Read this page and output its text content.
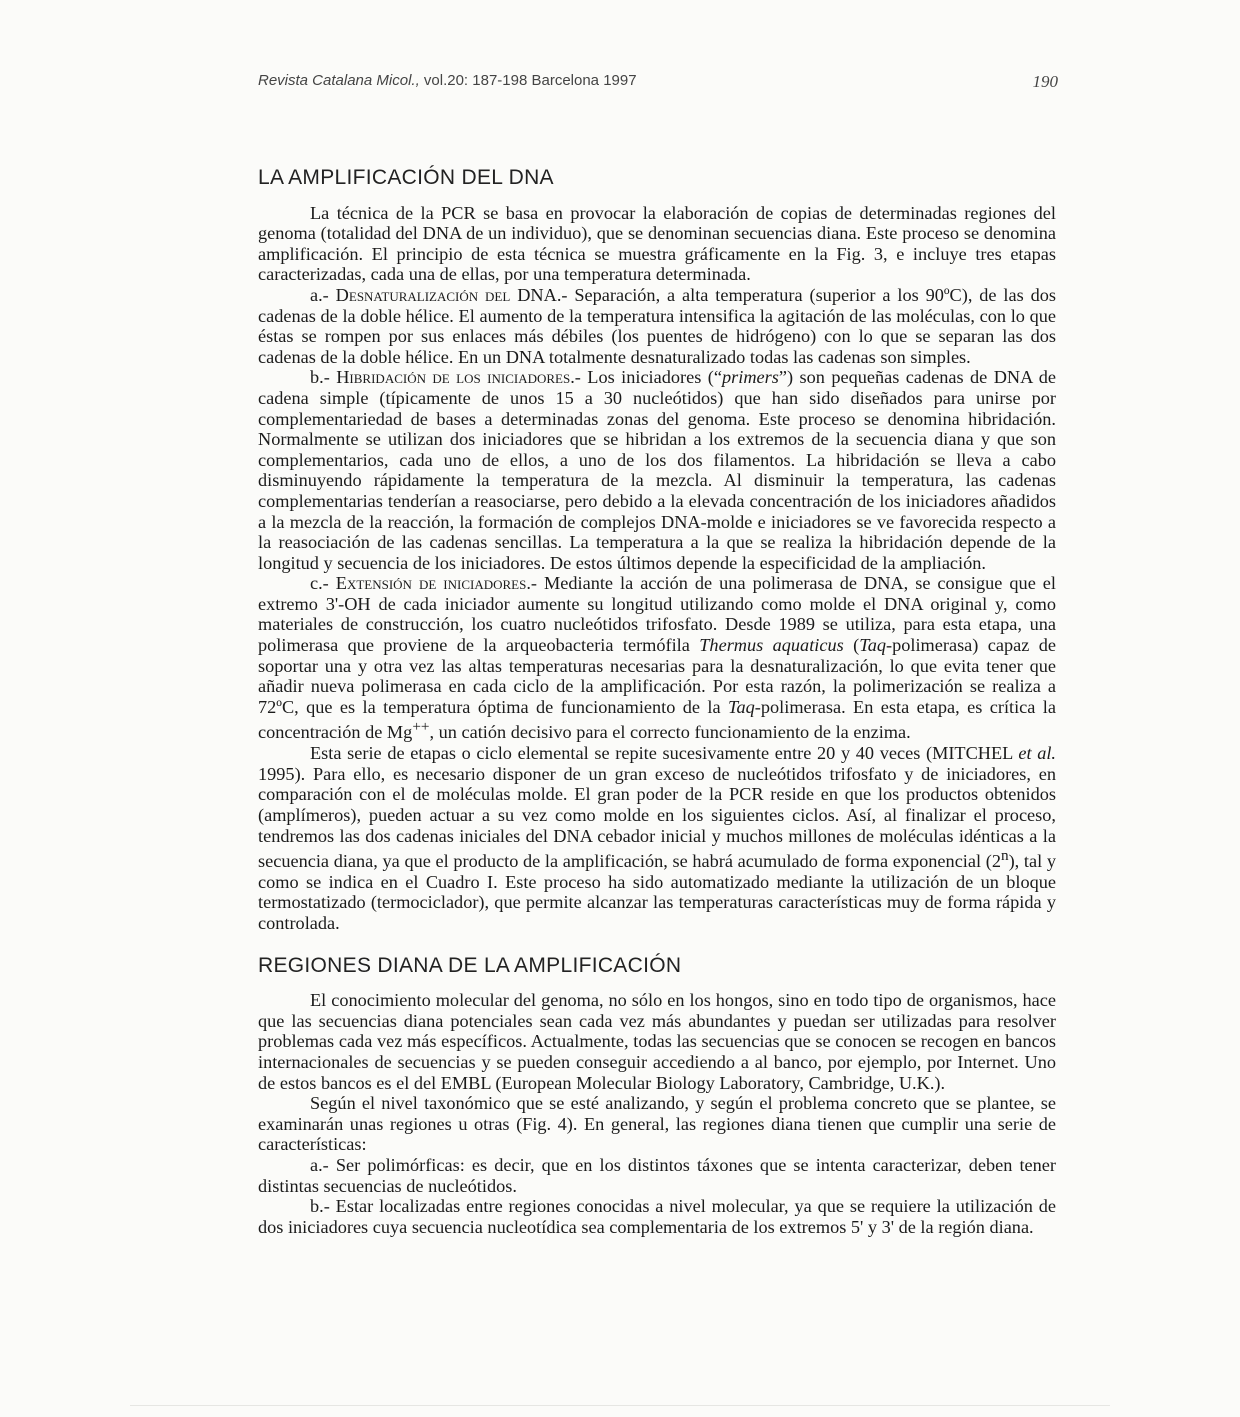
Revista Catalana Micol., vol.20: 187-198 Barcelona 1997	190
LA AMPLIFICACIÓN DEL DNA

La técnica de la PCR se basa en provocar la elaboración de copias de determinadas regiones del genoma (totalidad del DNA de un individuo), que se denominan secuencias diana. Este proceso se denomina amplificación. El principio de esta técnica se muestra gráficamente en la Fig. 3, e incluye tres etapas caracterizadas, cada una de ellas, por una temperatura determinada.

a.- Desnaturalización del DNA.- Separación, a alta temperatura (superior a los 90ºC), de las dos cadenas de la doble hélice. El aumento de la temperatura intensifica la agitación de las moléculas, con lo que éstas se rompen por sus enlaces más débiles (los puentes de hidrógeno) con lo que se separan las dos cadenas de la doble hélice. En un DNA totalmente desnaturalizado todas las cadenas son simples.

b.- Hibridación de los iniciadores.- Los iniciadores (“primers”) son pequeñas cadenas de DNA de cadena simple (típicamente de unos 15 a 30 nucleótidos) que han sido diseñados para unirse por complementariedad de bases a determinadas zonas del genoma. Este proceso se denomina hibridación. Normalmente se utilizan dos iniciadores que se hibridan a los extremos de la secuencia diana y que son complementarios, cada uno de ellos, a uno de los dos filamentos. La hibridación se lleva a cabo disminuyendo rápidamente la temperatura de la mezcla. Al disminuir la temperatura, las cadenas complementarias tenderían a reasociarse, pero debido a la elevada concentración de los iniciadores añadidos a la mezcla de la reacción, la formación de complejos DNA-molde e iniciadores se ve favorecida respecto a la reasociación de las cadenas sencillas. La temperatura a la que se realiza la hibridación depende de la longitud y secuencia de los iniciadores. De estos últimos depende la especificidad de la ampliación.

c.- Extensión de iniciadores.- Mediante la acción de una polimerasa de DNA, se consigue que el extremo 3'-OH de cada iniciador aumente su longitud utilizando como molde el DNA original y, como materiales de construcción, los cuatro nucleótidos trifosfato. Desde 1989 se utiliza, para esta etapa, una polimerasa que proviene de la arqueobacteria termófila Thermus aquaticus (Taq-polimerasa) capaz de soportar una y otra vez las altas temperaturas necesarias para la desnaturalización, lo que evita tener que añadir nueva polimerasa en cada ciclo de la amplificación. Por esta razón, la polimerización se realiza a 72ºC, que es la temperatura óptima de funcionamiento de la Taq-polimerasa. En esta etapa, es crítica la concentración de Mg++, un catión decisivo para el correcto funcionamiento de la enzima.

Esta serie de etapas o ciclo elemental se repite sucesivamente entre 20 y 40 veces (MITCHEL et al. 1995). Para ello, es necesario disponer de un gran exceso de nucleótidos trifosfato y de iniciadores, en comparación con el de moléculas molde. El gran poder de la PCR reside en que los productos obtenidos (amplímeros), pueden actuar a su vez como molde en los siguientes ciclos. Así, al finalizar el proceso, tendremos las dos cadenas iniciales del DNA cebador inicial y muchos millones de moléculas idénticas a la secuencia diana, ya que el producto de la amplificación, se habrá acumulado de forma exponencial (2$^n$), tal y como se indica en el Cuadro I. Este proceso ha sido automatizado mediante la utilización de un bloque termostatizado (termociclador), que permite alcanzar las temperaturas características muy de forma rápida y controlada.

REGIONES DIANA DE LA AMPLIFICACIÓN

El conocimiento molecular del genoma, no sólo en los hongos, sino en todo tipo de organismos, hace que las secuencias diana potenciales sean cada vez más abundantes y puedan ser utilizadas para resolver problemas cada vez más específicos. Actualmente, todas las secuencias que se conocen se recogen en bancos internacionales de secuencias y se pueden conseguir accediendo a al banco, por ejemplo, por Internet. Uno de estos bancos es el del EMBL (European Molecular Biology Laboratory, Cambridge, U.K.).

Según el nivel taxonómico que se esté analizando, y según el problema concreto que se plantee, se examinarán unas regiones u otras (Fig. 4). En general, las regiones diana tienen que cumplir una serie de características:

a.- Ser polimórficas: es decir, que en los distintos táxones que se intenta caracterizar, deben tener distintas secuencias de nucleótidos.

b.- Estar localizadas entre regiones conocidas a nivel molecular, ya que se requiere la utilización de dos iniciadores cuya secuencia nucleotídica sea complementaria de los extremos 5' y 3' de la región diana.
